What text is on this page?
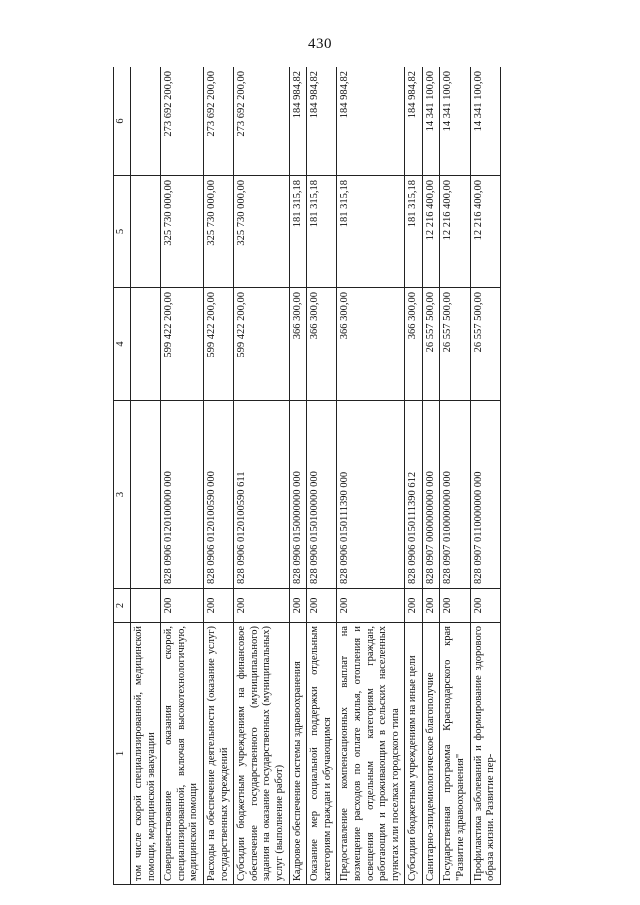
430
1	2	3	4	5	6
том числе скорой специализированной, медицинской помощи, медицинской эвакуации					
Совершенствование оказания скорой, специализированной, включая высокотехнологичную, медицинской помощи	200	828 0906 0120100000 000	599 422 200,00	325 730 000,00	273 692 200,00
Расходы на обеспечение деятельности (оказание услуг) государственных учреждений	200	828 0906 0120100590 000	599 422 200,00	325 730 000,00	273 692 200,00
Субсидии бюджетным учреждениям на финансовое обеспечение государственного (муниципального) задания на оказание государственных (муниципальных) услуг (выполнение работ)	200	828 0906 0120100590 611	599 422 200,00	325 730 000,00	273 692 200,00
Кадровое обеспечение системы здравоохранения	200	828 0906 0150000000 000	366 300,00	181 315,18	184 984,82
Оказание мер социальной поддержки отдельным категориям граждан и обучающимся	200	828 0906 0150100000 000	366 300,00	181 315,18	184 984,82
Предоставление компенсационных выплат на возмещение расходов по оплате жилья, отопления и освещения отдельным категориям граждан, работающим и проживающим в сельских населенных пунктах или поселках городского типа	200	828 0906 0150111390 000	366 300,00	181 315,18	184 984,82
Субсидии бюджетным учреждениям на иные цели	200	828 0906 0150111390 612	366 300,00	181 315,18	184 984,82
Санитарно-эпидемиологическое благополучие	200	828 0907 0000000000 000	26 557 500,00	12 216 400,00	14 341 100,00
Государственная программа Краснодарского края "Развитие здравоохранения"	200	828 0907 0100000000 000	26 557 500,00	12 216 400,00	14 341 100,00
Профилактика заболеваний и формирование здорового образа жизни. Развитие пер-	200	828 0907 0110000000 000	26 557 500,00	12 216 400,00	14 341 100,00
